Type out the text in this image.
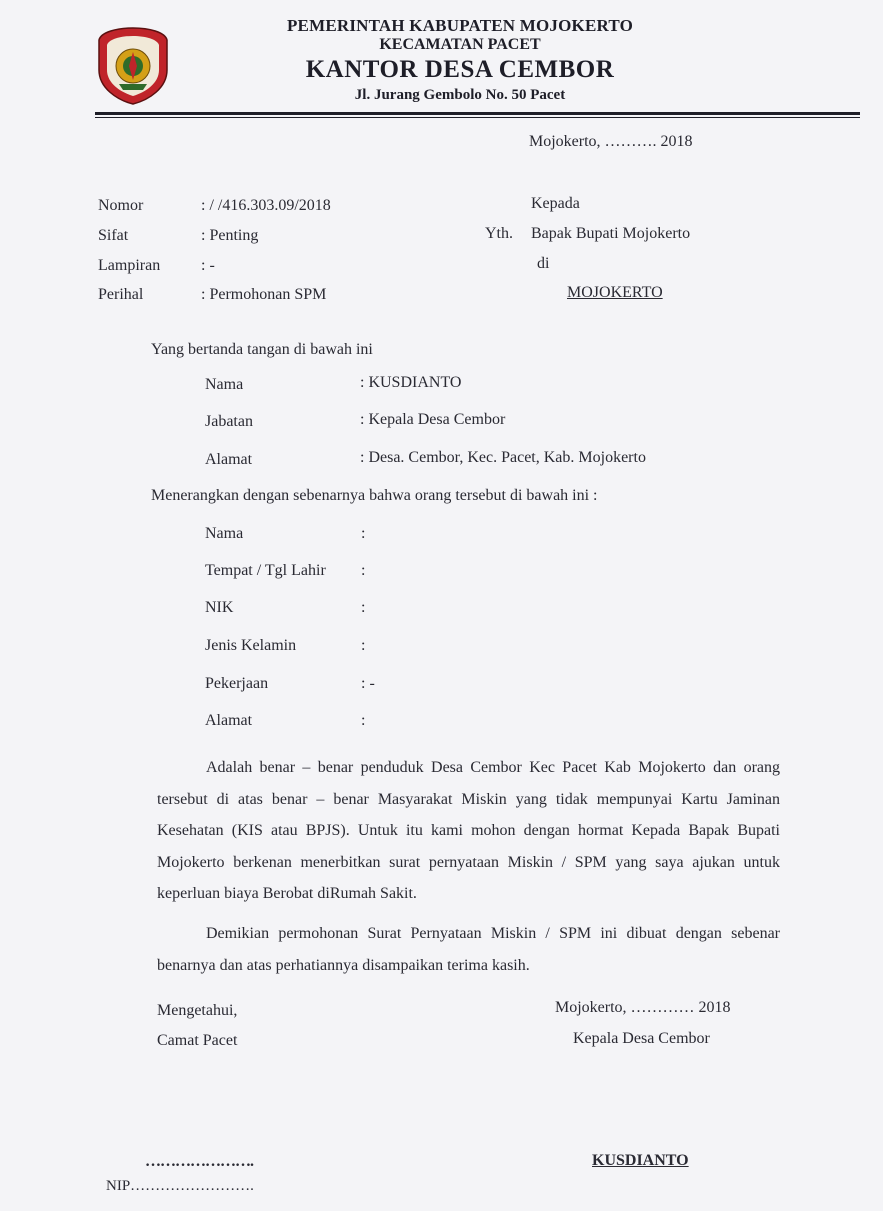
PEMERINTAH KABUPATEN MOJOKERTO
KECAMATAN PACET
KANTOR DESA CEMBOR
Jl. Jurang Gembolo No. 50 Pacet
Mojokerto, ………. 2018
Nomor	: / /416.303.09/2018
Sifat	: Penting
Lampiran	: -
Perihal	: Permohonan SPM
Kepada
Yth. Bapak Bupati Mojokerto
di
MOJOKERTO
Yang bertanda tangan di bawah ini
Nama	: KUSDIANTO
Jabatan	: Kepala Desa Cembor
Alamat	: Desa. Cembor, Kec. Pacet, Kab. Mojokerto
Menerangkan dengan sebenarnya bahwa orang tersebut di bawah ini :
Nama	:
Tempat / Tgl Lahir :
NIK	:
Jenis Kelamin	:
Pekerjaan	: -
Alamat	:
Adalah benar – benar penduduk Desa Cembor Kec Pacet Kab Mojokerto dan orang tersebut di atas benar – benar Masyarakat Miskin yang tidak mempunyai Kartu Jaminan Kesehatan (KIS atau BPJS). Untuk itu kami mohon dengan hormat Kepada Bapak Bupati Mojokerto berkenan menerbitkan surat pernyataan Miskin / SPM yang saya ajukan untuk keperluan biaya Berobat diRumah Sakit.
Demikian permohonan Surat Pernyataan Miskin / SPM ini dibuat dengan sebenar benarnya dan atas perhatiannya disampaikan terima kasih.
Mengetahui,
Camat Pacet
Mojokerto, ………… 2018
Kepala Desa Cembor
………………….
NIP…………………….
KUSDIANTO
